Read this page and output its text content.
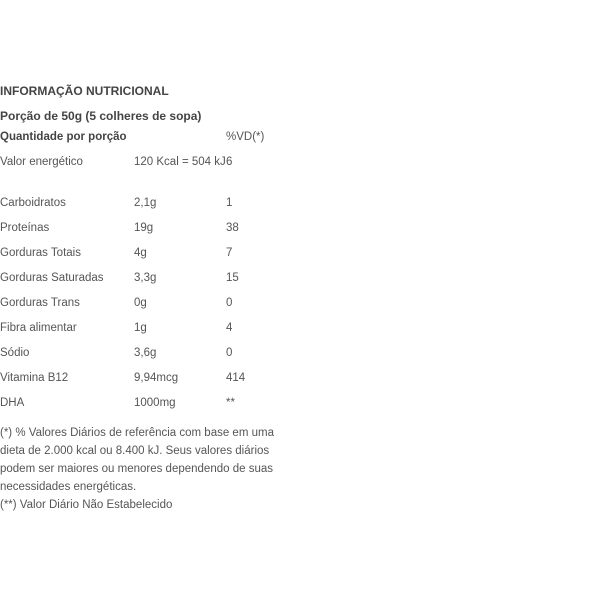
INFORMAÇÃO NUTRICIONAL
Porção de 50g (5 colheres de sopa)
Quantidade por porção		%VD(*)
Valor energético	120 Kcal = 504 kJ	6
Carboidratos	2,1g	1
Proteínas	19g	38
Gorduras Totais	4g	7
Gorduras Saturadas	3,3g	15
Gorduras Trans	0g	0
Fibra alimentar	1g	4
Sódio	3,6g	0
Vitamina B12	9,94mcg	414
DHA	1000mg	**

(*) % Valores Diários de referência com base em uma dieta de 2.000 kcal ou 8.400 kJ. Seus valores diários podem ser maiores ou menores dependendo de suas necessidades energéticas.

(**) Valor Diário Não Estabelecido
